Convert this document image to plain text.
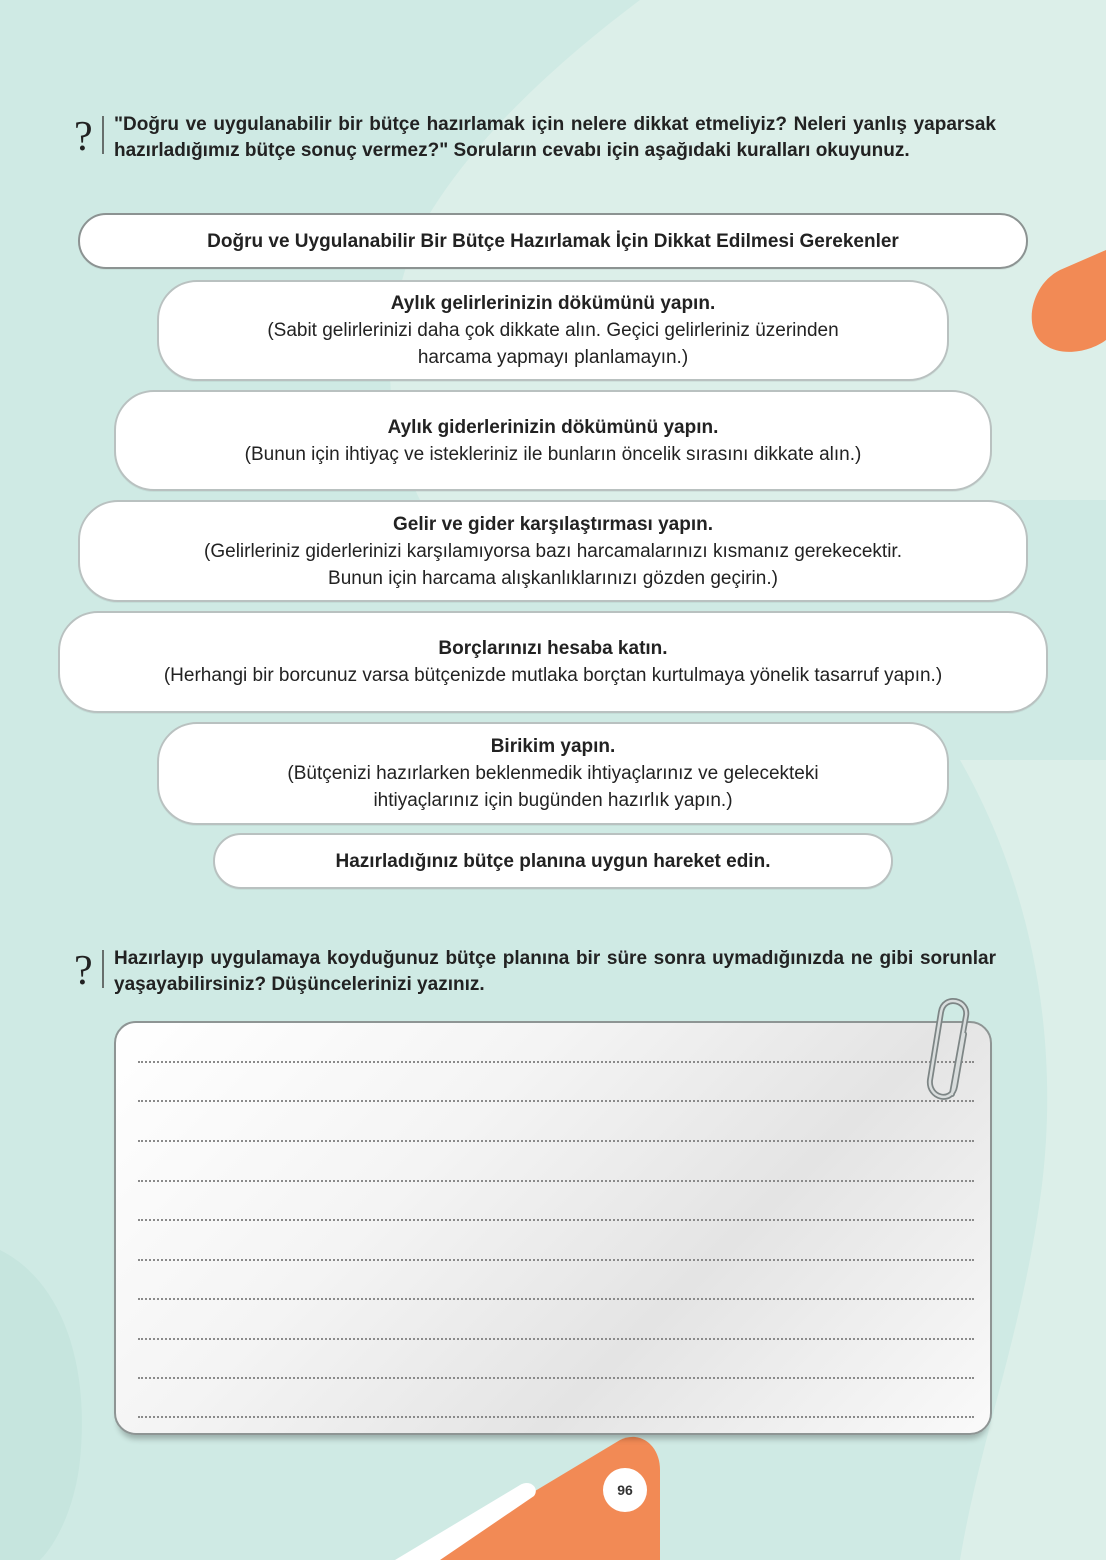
? "Doğru ve uygulanabilir bir bütçe hazırlamak için nelere dikkat etmeliyiz? Neleri yanlış yaparsak hazırladığımız bütçe sonuç vermez?" Soruların cevabı için aşağıdaki kuralları okuyunuz.
Doğru ve Uygulanabilir Bir Bütçe Hazırlamak İçin Dikkat Edilmesi Gerekenler
Aylık gelirlerinizin dökümünü yapın.
(Sabit gelirlerinizi daha çok dikkate alın. Geçici gelirleriniz üzerinden
harcama yapmayı planlamayın.)
Aylık giderlerinizin dökümünü yapın.
(Bunun için ihtiyaç ve istekleriniz ile bunların öncelik sırasını dikkate alın.)
Gelir ve gider karşılaştırması yapın.
(Gelirleriniz giderlerinizi karşılamıyorsa bazı harcamalarınızı kısmanız gerekecektir.
Bunun için harcama alışkanlıklarınızı gözden geçirin.)
Borçlarınızı hesaba katın.
(Herhangi bir borcunuz varsa bütçenizde mutlaka borçtan kurtulmaya yönelik tasarruf yapın.)
Birikim yapın.
(Bütçenizi hazırlarken beklenmedik ihtiyaçlarınız ve gelecekteki
ihtiyaçlarınız için bugünden hazırlık yapın.)
Hazırladığınız bütçe planına uygun hareket edin.
? Hazırlayıp uygulamaya koyduğunuz bütçe planına bir süre sonra uymadığınızda ne gibi sorunlar yaşayabilirsiniz? Düşüncelerinizi yazınız.
96
